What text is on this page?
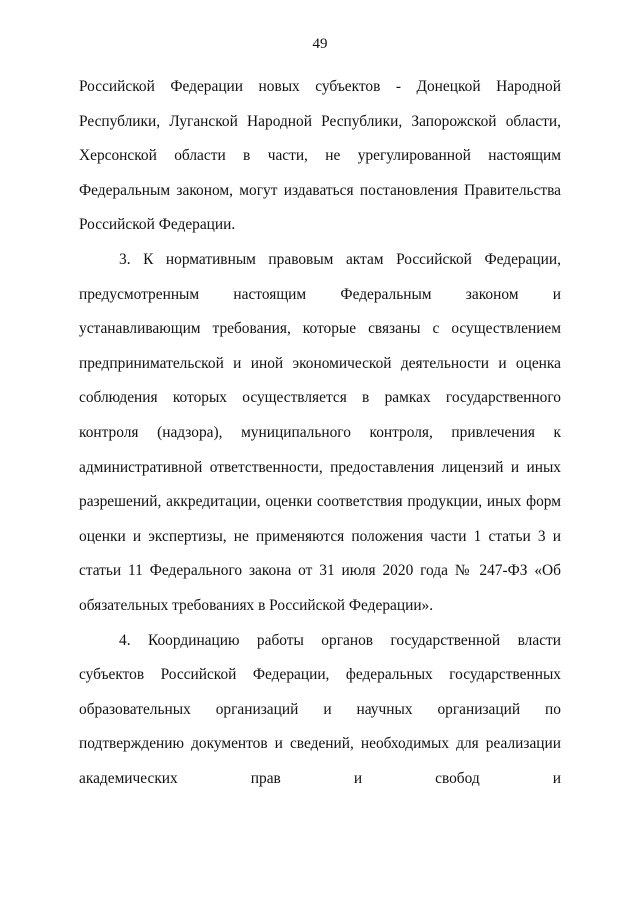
49

Российской Федерации новых субъектов - Донецкой Народной Республики, Луганской Народной Республики, Запорожской области, Херсонской области в части, не урегулированной настоящим Федеральным законом, могут издаваться постановления Правительства Российской Федерации.

3. К нормативным правовым актам Российской Федерации, предусмотренным настоящим Федеральным законом и устанавливающим требования, которые связаны с осуществлением предпринимательской и иной экономической деятельности и оценка соблюдения которых осуществляется в рамках государственного контроля (надзора), муниципального контроля, привлечения к административной ответственности, предоставления лицензий и иных разрешений, аккредитации, оценки соответствия продукции, иных форм оценки и экспертизы, не применяются положения части 1 статьи 3 и статьи 11 Федерального закона от 31 июля 2020 года № 247-ФЗ «Об обязательных требованиях в Российской Федерации».

4. Координацию работы органов государственной власти субъектов Российской Федерации, федеральных государственных образовательных организаций и научных организаций по подтверждению документов и сведений, необходимых для реализации академических прав и свобод и
